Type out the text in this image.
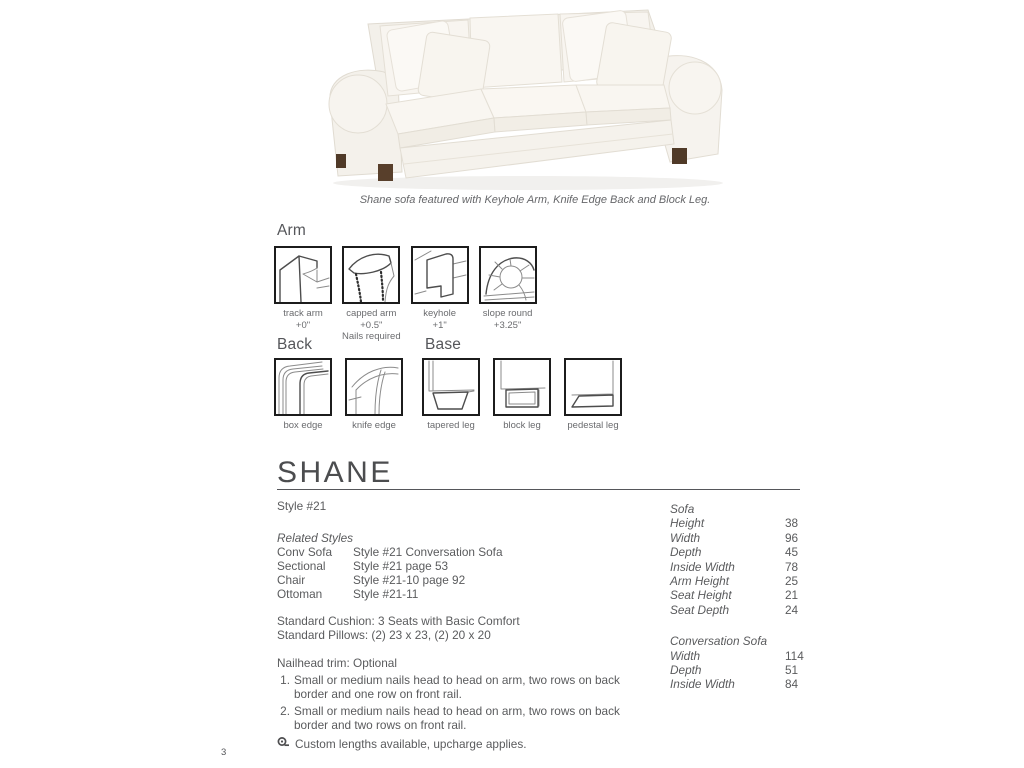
Shane sofa featured with Keyhole Arm, Knife Edge Back and Block Leg.
Arm
track arm
+0"
capped arm
+0.5"
Nails required
keyhole
+1"
slope round
+3.25"
Back
box edge	knife edge
Base
tapered leg	block leg	pedestal leg
SHANE
Style #21
Related Styles
Conv Sofa	Style #21 Conversation Sofa
Sectional	Style #21 page 53
Chair	Style #21-10 page 92
Ottoman	Style #21-11
Standard Cushion: 3 Seats with Basic Comfort
Standard Pillows: (2) 23 x 23, (2) 20 x 20
Nailhead trim: Optional
1. Small or medium nails head to head on arm, two rows on back border and one row on front rail.
2. Small or medium nails head to head on arm, two rows on back border and two rows on front rail.
Custom lengths available, upcharge applies.
Sofa
Height	38
Width	96
Depth	45
Inside Width	78
Arm Height	25
Seat Height	21
Seat Depth	24
Conversation Sofa
Width	114
Depth	51
Inside Width	84
3
